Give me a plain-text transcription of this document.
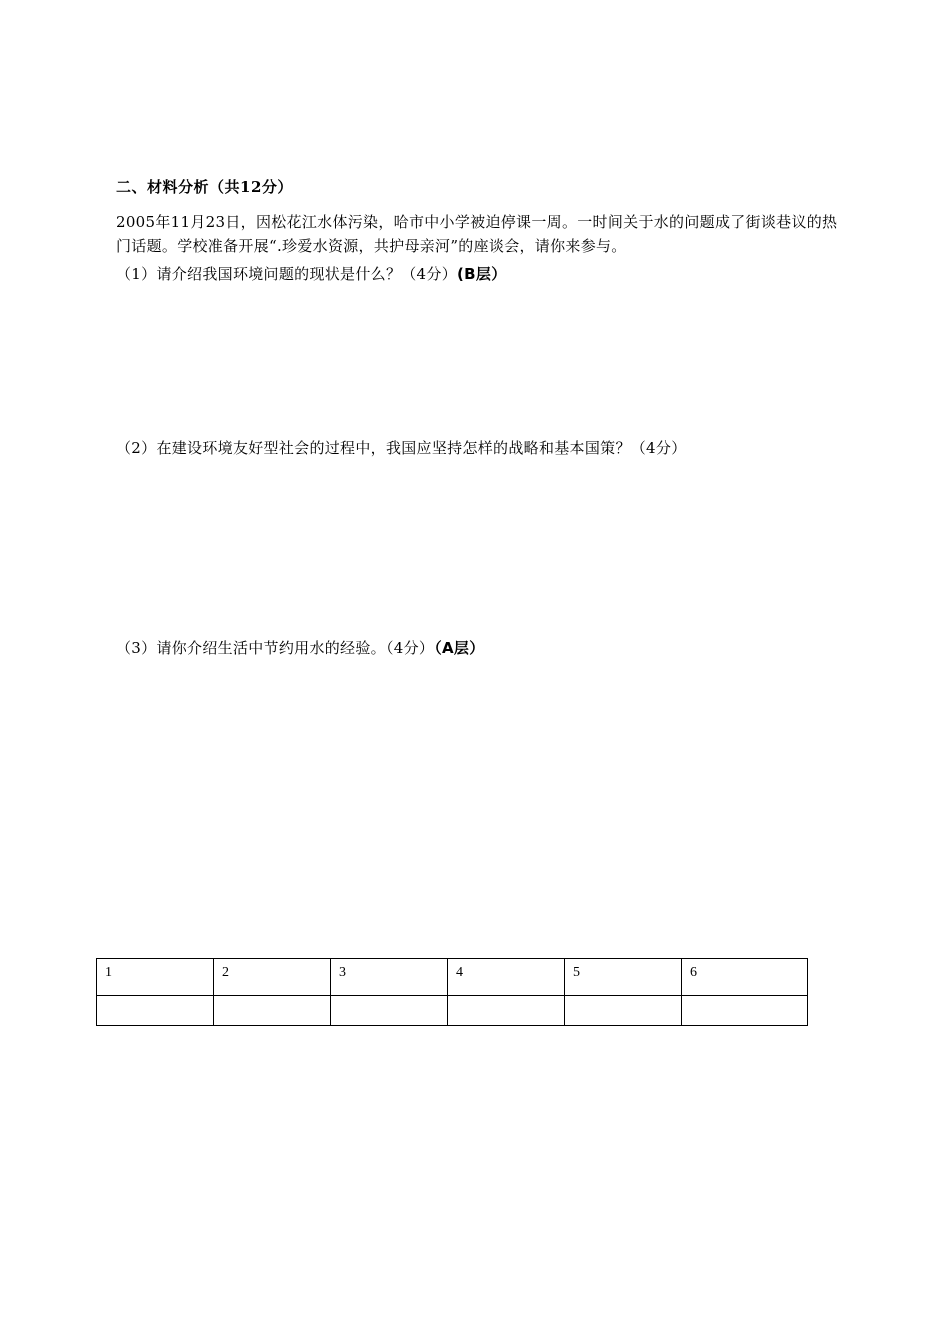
二、材料分析（共12分）
2005年11月23日，因松花江水体污染，哈市中小学被迫停课一周。一时间关于水的问题成了街谈巷议的热门话题。学校准备开展“.珍爱水资源，共护母亲河”的座谈会，请你来参与。
（1）请介绍我国环境问题的现状是什么？（4分）(B层）
（2）在建设环境友好型社会的过程中，我国应坚持怎样的战略和基本国策？（4分）
（3）请你介绍生活中节约用水的经验。（4分）（A层）
1	2	3	4	5	6
